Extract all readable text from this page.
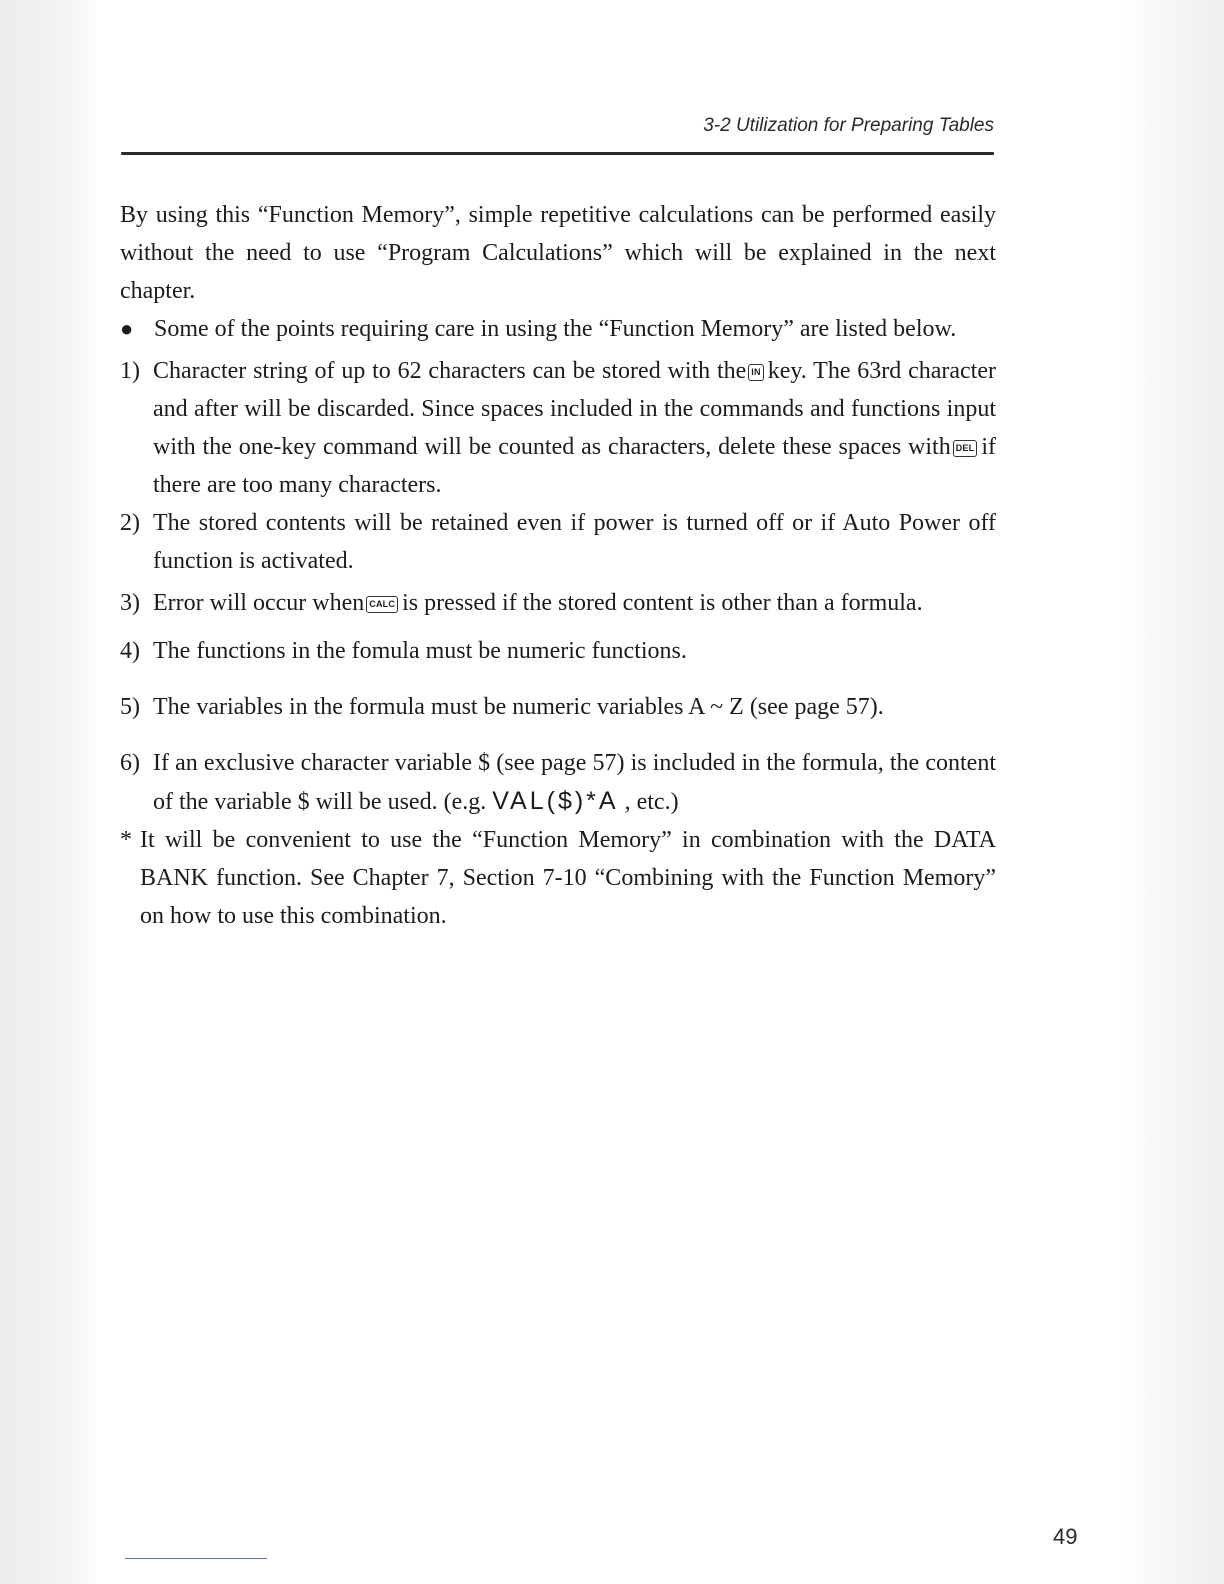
3-2 Utilization for Preparing Tables

By using this “Function Memory”, simple repetitive calculations can be performed easily without the need to use “Program Calculations” which will be explained in the next chapter.

● Some of the points requiring care in using the “Function Memory” are listed below.
1) Character string of up to 62 characters can be stored with the IN key. The 63rd character and after will be discarded. Since spaces included in the commands and functions input with the one-key command will be counted as characters, delete these spaces with DEL if there are too many characters.
2) The stored contents will be retained even if power is turned off or if Auto Power off function is activated.
3) Error will occur when CALC is pressed if the stored content is other than a formula.
4) The functions in the fomula must be numeric functions.
5) The variables in the formula must be numeric variables A ~ Z (see page 57).
6) If an exclusive character variable $ (see page 57) is included in the formula, the content of the variable $ will be used. (e.g. VAL($)*A , etc.)
* It will be convenient to use the “Function Memory” in combination with the DATA BANK function. See Chapter 7, Section 7-10 “Combining with the Function Memory” on how to use this combination.
49
